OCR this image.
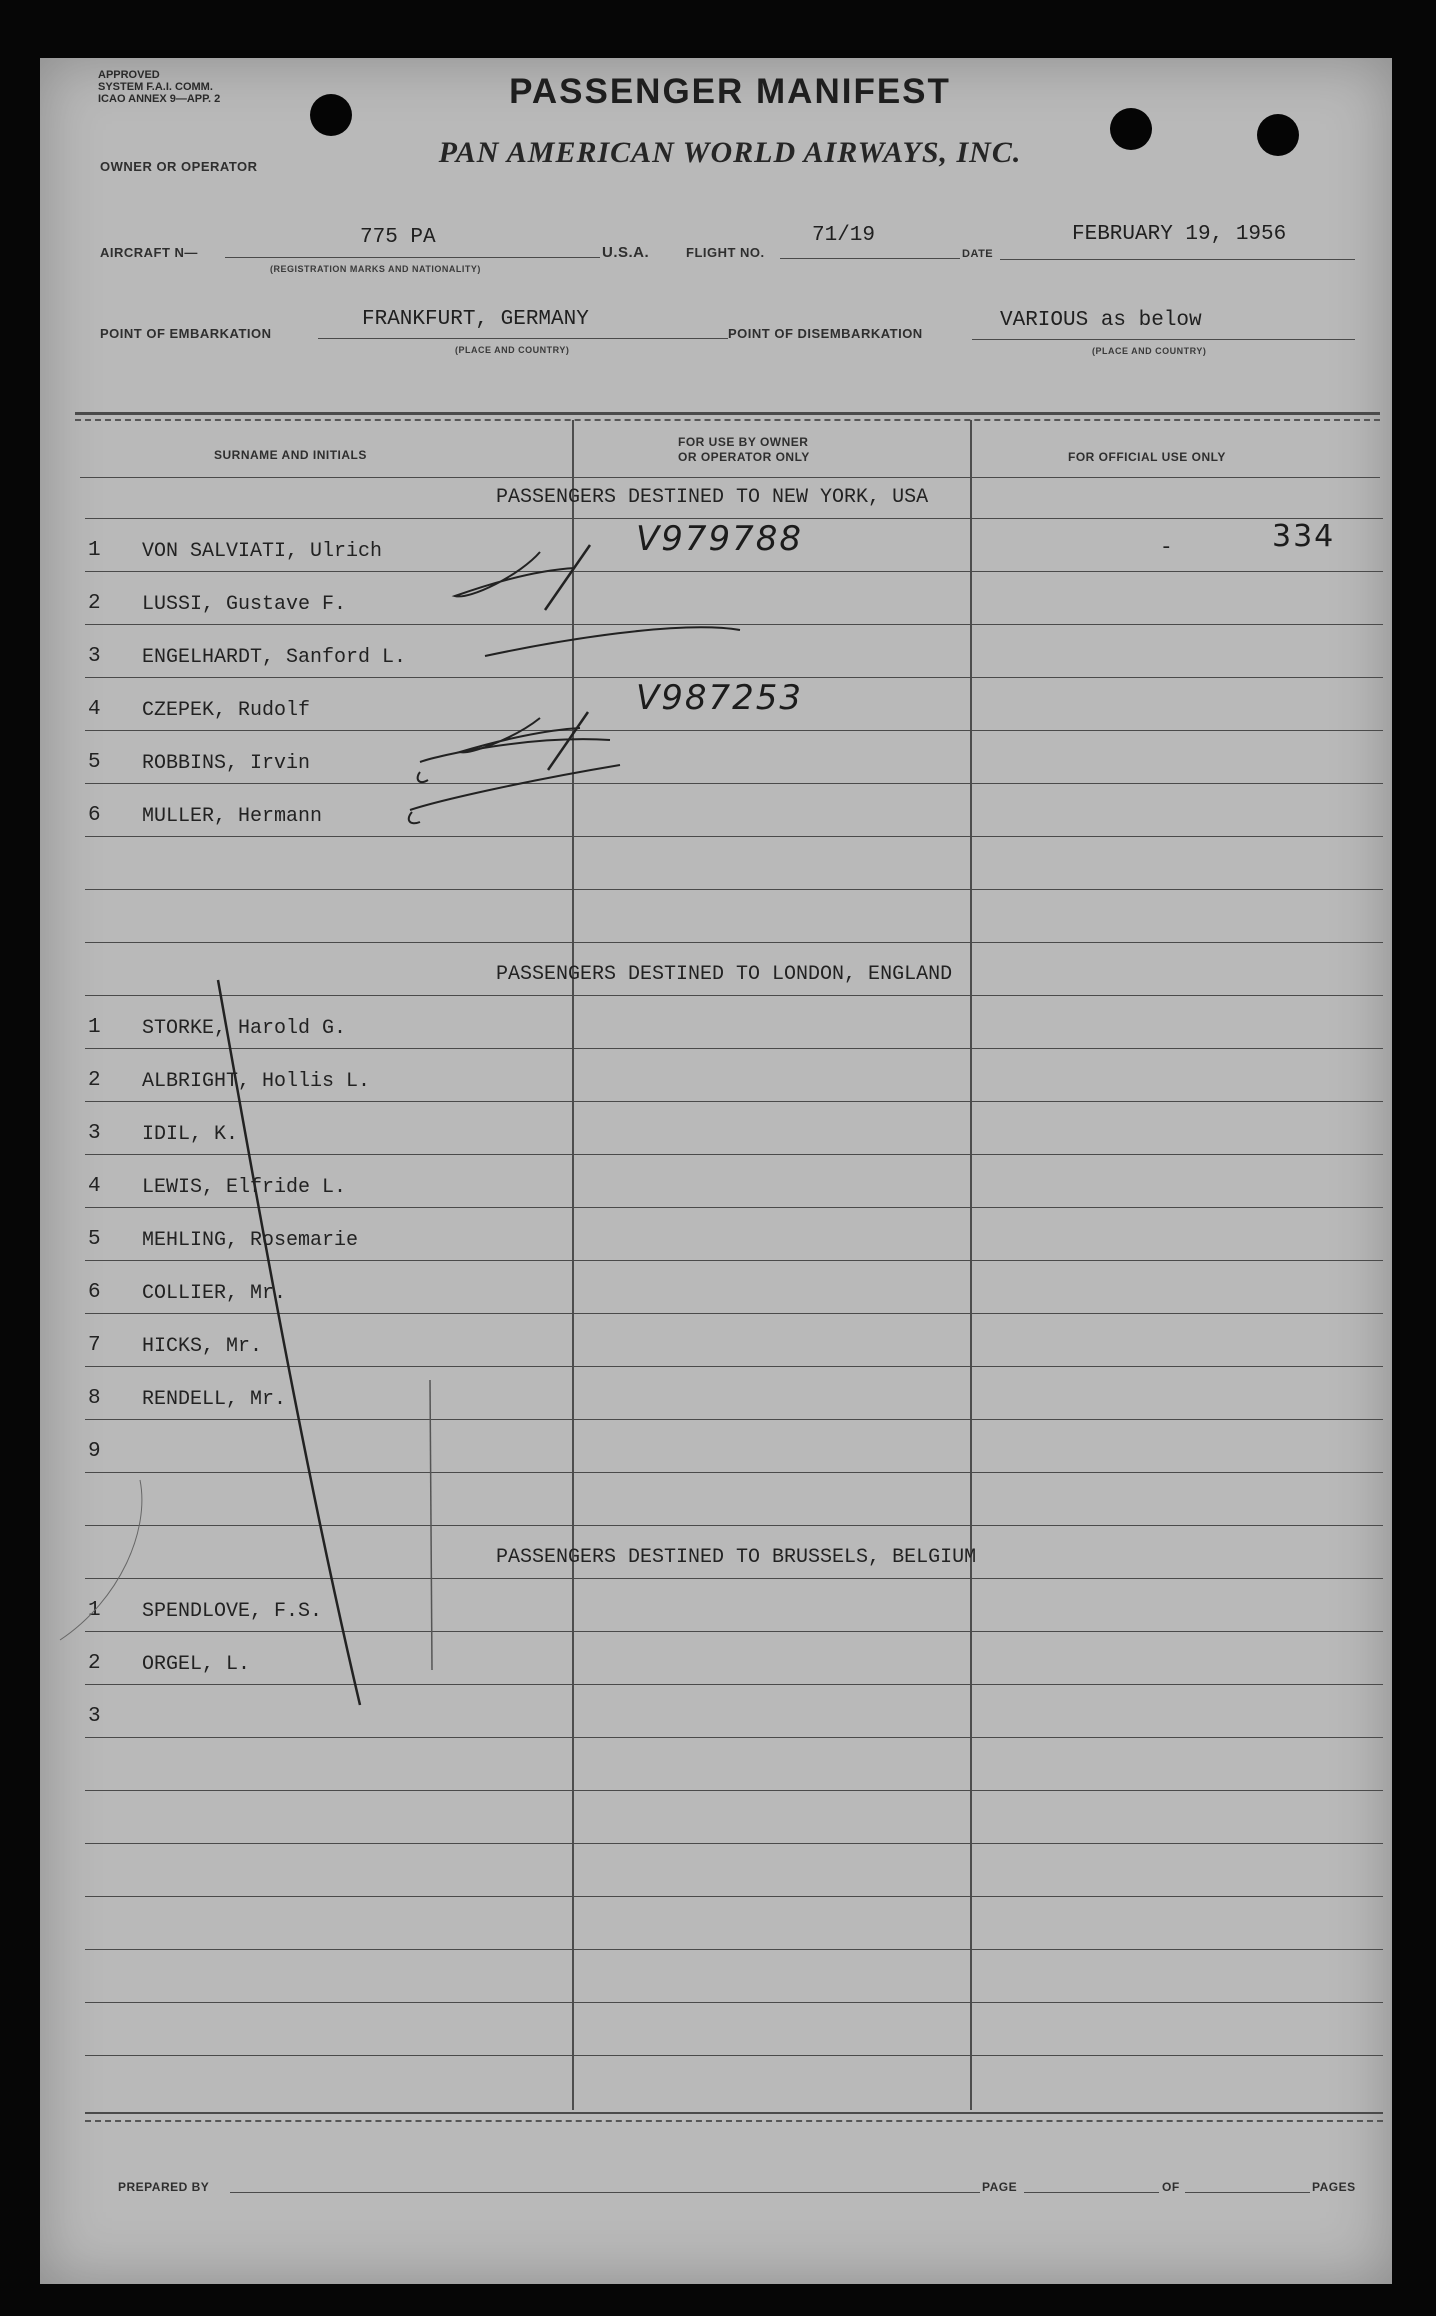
APPROVED
SYSTEM F.A.I. COMM.
ICAO ANNEX 9—APP. 2
OWNER OR OPERATOR
PASSENGER MANIFEST
PAN AMERICAN WORLD AIRWAYS, INC.
AIRCRAFT N—
775 PA
(REGISTRATION MARKS AND NATIONALITY)
U.S.A.	FLIGHT NO.
71/19
DATE
FEBRUARY 19, 1956
POINT OF EMBARKATION
FRANKFURT, GERMANY
(PLACE AND COUNTRY)
POINT OF DISEMBARKATION
VARIOUS as below
(PLACE AND COUNTRY)
SURNAME AND INITIALS
FOR USE BY OWNER
OR OPERATOR ONLY	FOR OFFICIAL USE ONLY
PASSENGERS DESTINED TO NEW YORK, USA
1 VON SALVIATI, Ulrich	V979788	-	334
2 LUSSI, Gustave F.
3 ENGELHARDT, Sanford L.
4 CZEPEK, Rudolf	V987253
5 ROBBINS, Irvin
6 MULLER, Hermann
PASSENGERS DESTINED TO LONDON, ENGLAND
1 STORKE, Harold G.
2 ALBRIGHT, Hollis L.
3 IDIL, K.
4 LEWIS, Elfride L.
5 MEHLING, Rosemarie
6 COLLIER, Mr.
7 HICKS, Mr.
8 RENDELL, Mr.
9
PASSENGERS DESTINED TO BRUSSELS, BELGIUM
1 SPENDLOVE, F.S.
2 ORGEL, L.
3
PREPARED BY	PAGE	OF	PAGES
